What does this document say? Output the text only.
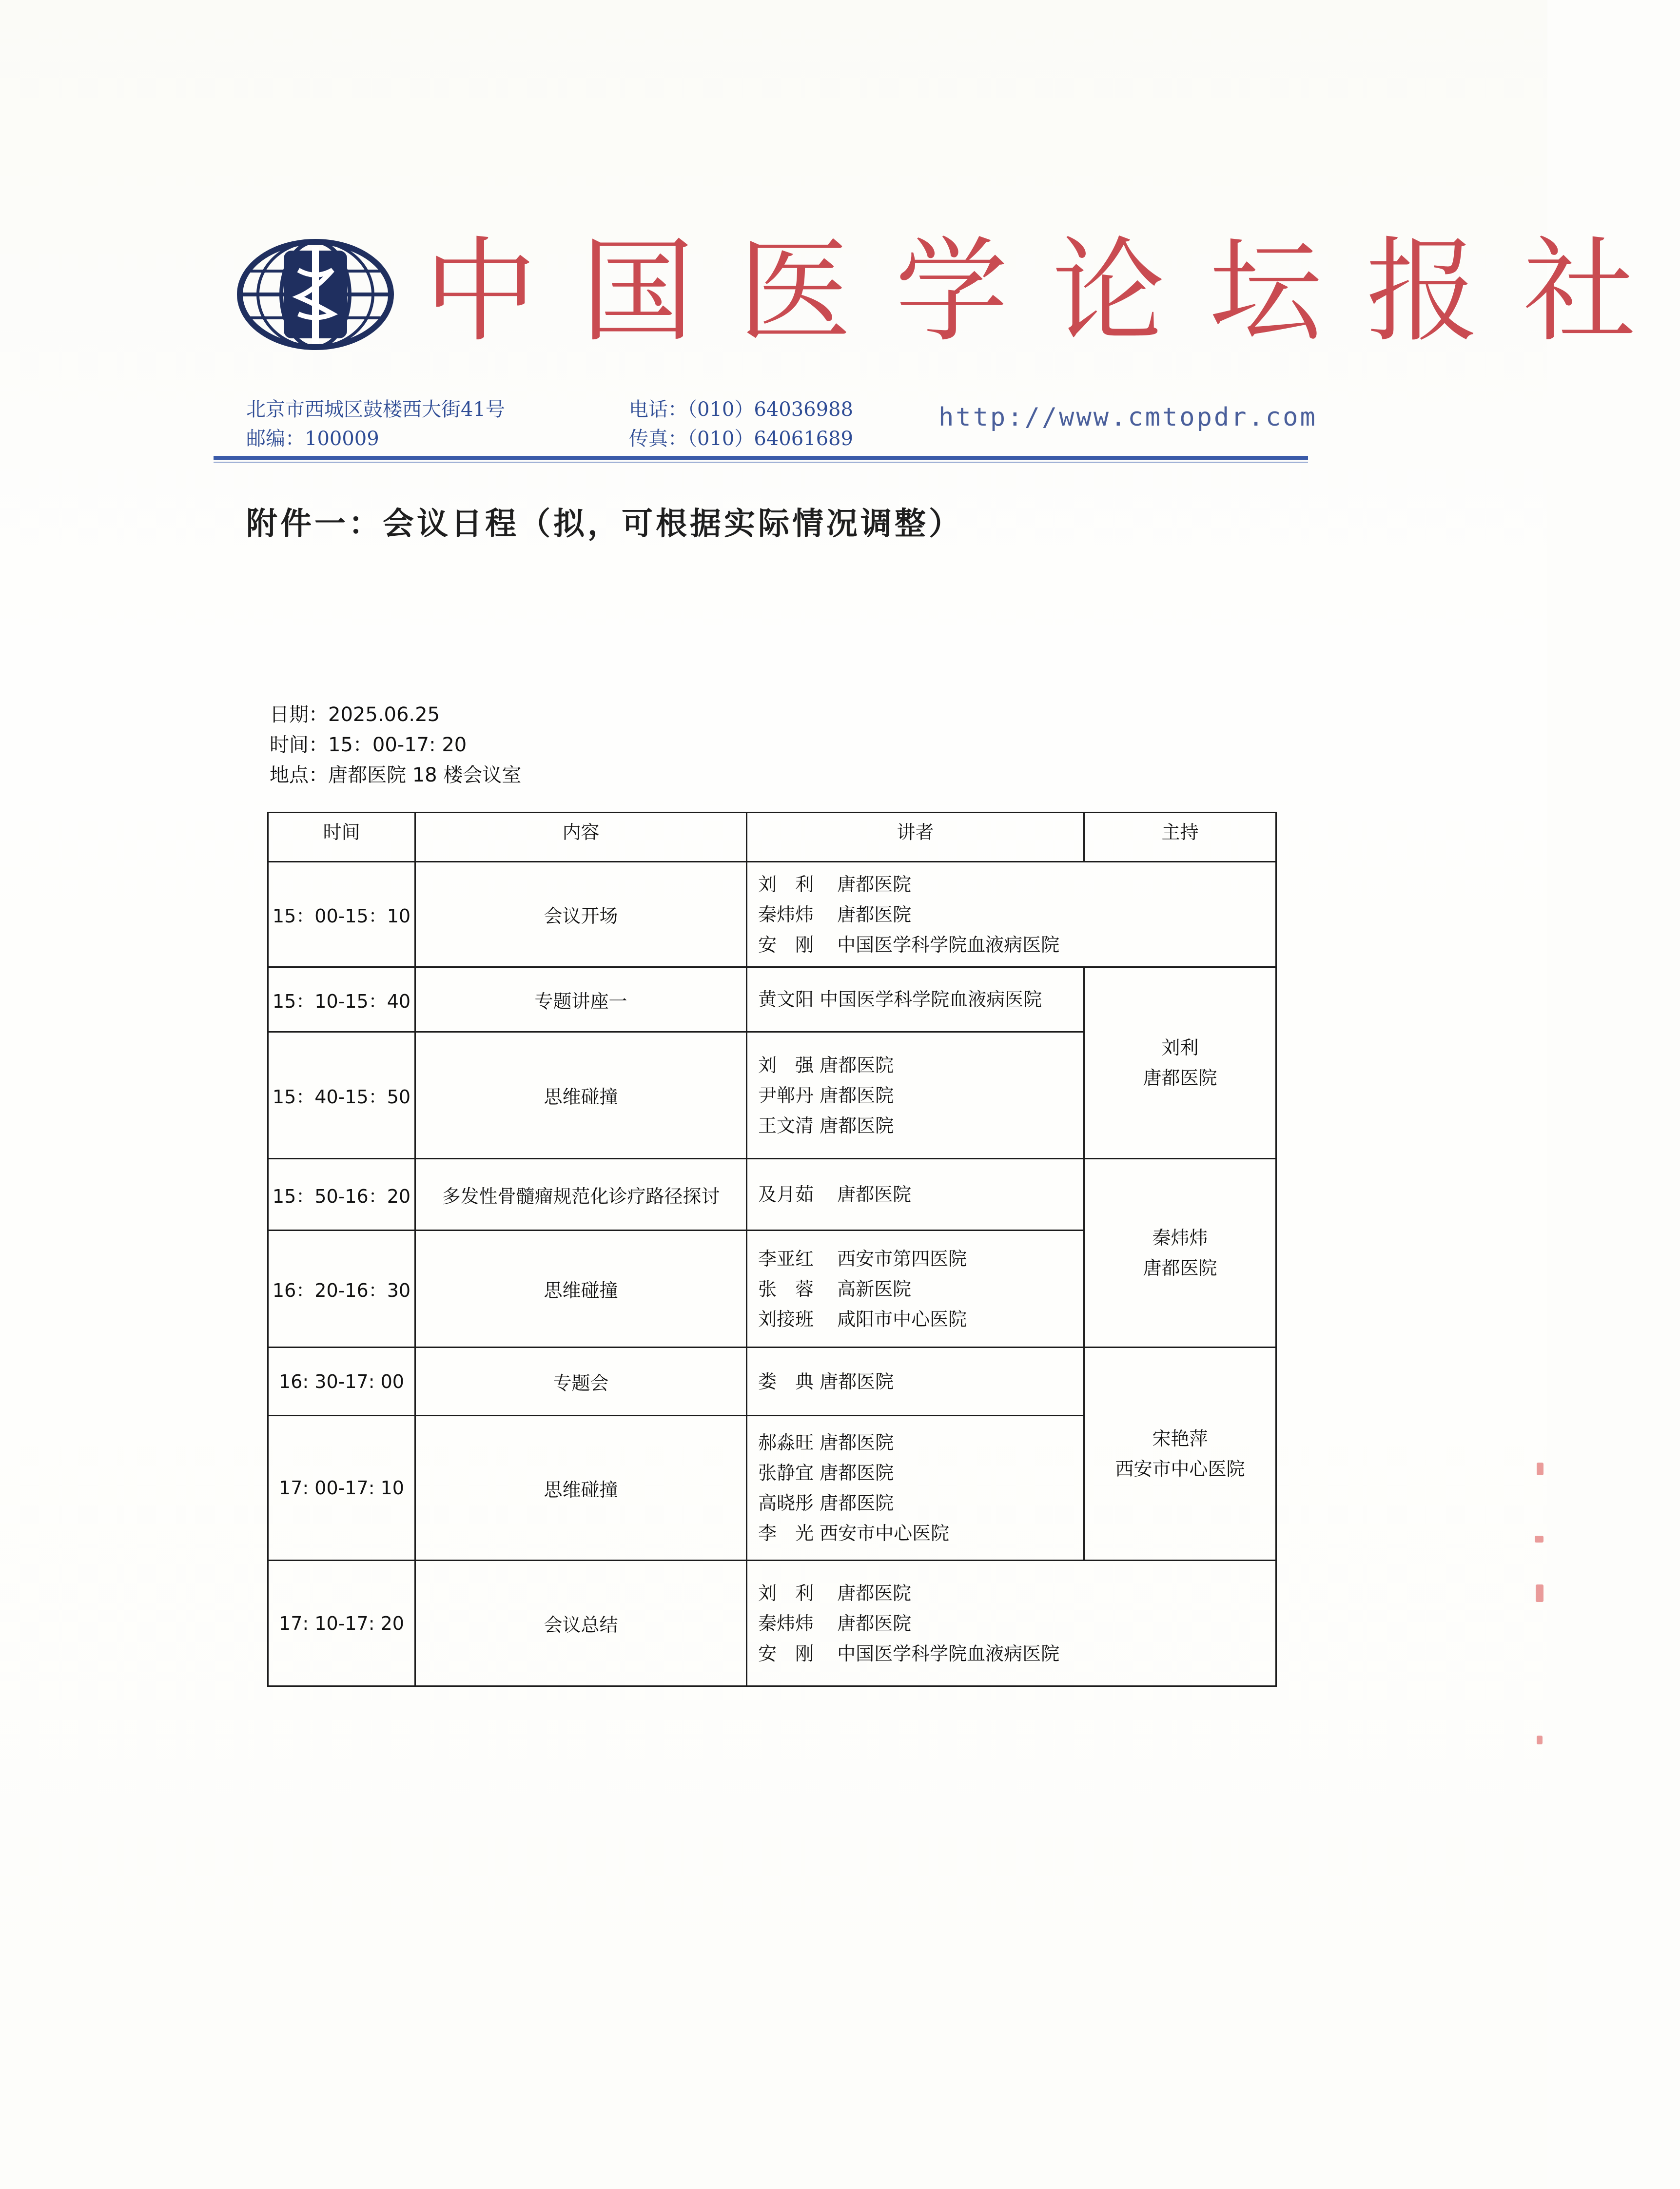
中国医学论坛报社
北京市西城区鼓楼西大街41号
邮编：100009
电话：（010）64036988
传真：（010）64061689
http://www.cmtopdr.com
附件一：会议日程（拟，可根据实际情况调整）
日期：2025.06.25
时间：15：00-17: 20
地点：唐都医院 18 楼会议室
时间	内容	讲者	主持
15：00-15：10	会议开场	刘　利 唐都医院
秦炜炜 唐都医院
安　刚 中国医学科学院血液病医院	

15：10-15：40	专题讲座一	黄文阳 中国医学科学院血液病医院	刘利
唐都医院

15：40-15：50	思维碰撞	刘　强 唐都医院
尹郸丹 唐都医院
王文清 唐都医院	

15：50-16：20	多发性骨髓瘤规范化诊疗路径探讨	及月茹 唐都医院	秦炜炜
唐都医院

16：20-16：30	思维碰撞	李亚红 西安市第四医院
张　蓉 高新医院
刘接班 咸阳市中心医院	

16: 30-17: 00	专题会	娄　典 唐都医院	宋艳萍
西安市中心医院

17: 00-17: 10	思维碰撞	郝淼旺 唐都医院
张静宜 唐都医院
高晓彤 唐都医院
李　光 西安市中心医院	

17: 10-17: 20	会议总结	刘　利 唐都医院
秦炜炜 唐都医院
安　刚 中国医学科学院血液病医院	
